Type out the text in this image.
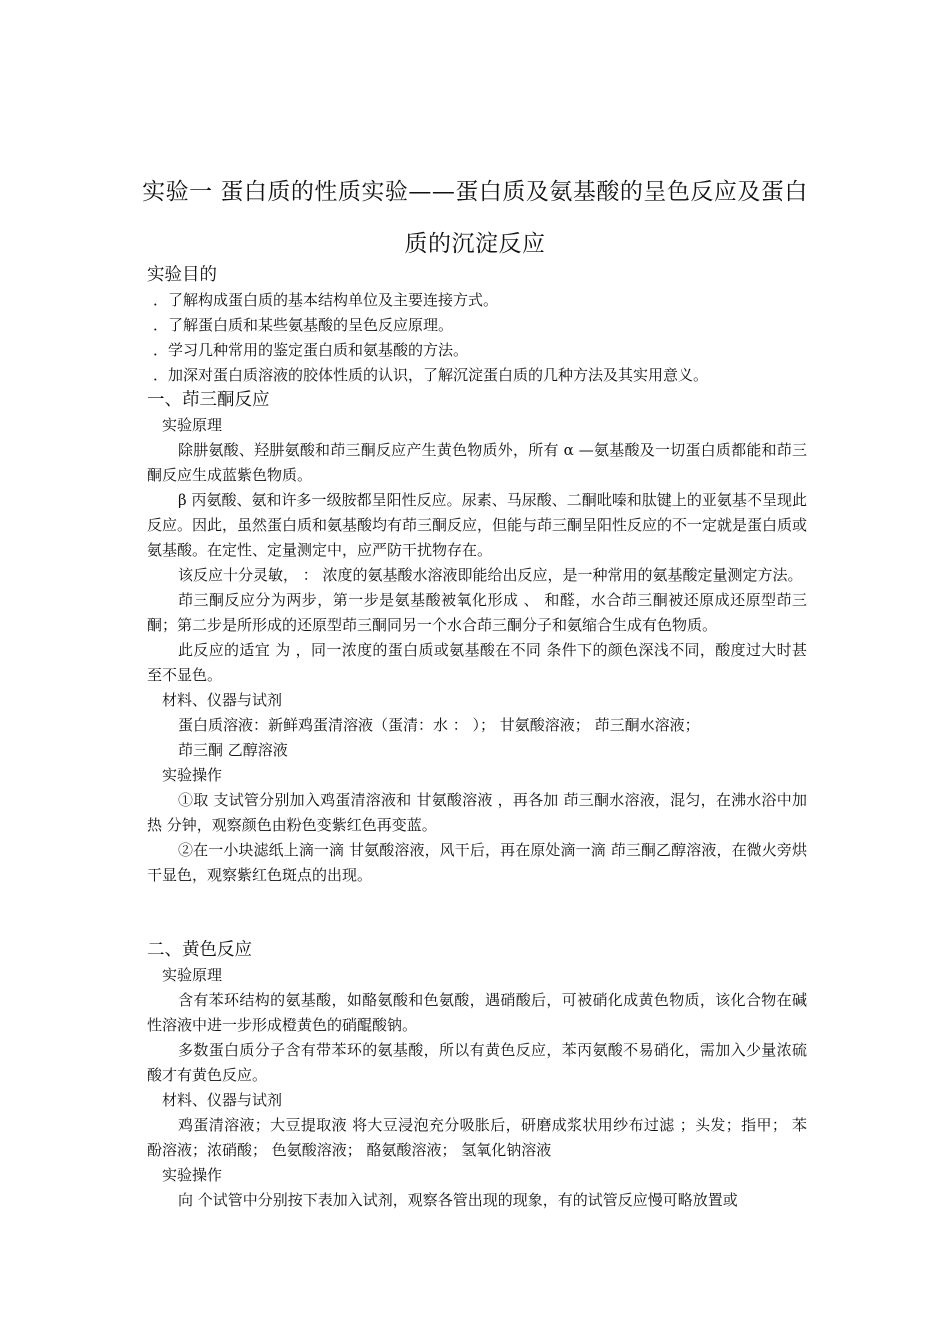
实验一 蛋白质的性质实验——蛋白质及氨基酸的呈色反应及蛋白
质的沉淀反应

实验目的

．了解构成蛋白质的基本结构单位及主要连接方式。

．了解蛋白质和某些氨基酸的呈色反应原理。

．学习几种常用的鉴定蛋白质和氨基酸的方法。

．加深对蛋白质溶液的胶体性质的认识，了解沉淀蛋白质的几种方法及其实用意义。

一、茚三酮反应

实验原理

除肼氨酸、羟肼氨酸和茚三酮反应产生黄色物质外，所有 α —氨基酸及一切蛋白质都能和茚三酮反应生成蓝紫色物质。

β 丙氨酸、氨和许多一级胺都呈阳性反应。尿素、马尿酸、二酮吡嗪和肽键上的亚氨基不呈现此反应。因此，虽然蛋白质和氨基酸均有茚三酮反应，但能与茚三酮呈阳性反应的不一定就是蛋白质或氨基酸。在定性、定量测定中，应严防干扰物存在。

该反应十分灵敏， ： 浓度的氨基酸水溶液即能给出反应，是一种常用的氨基酸定量测定方法。

茚三酮反应分为两步，第一步是氨基酸被氧化形成 、 和醛，水合茚三酮被还原成还原型茚三酮；第二步是所形成的还原型茚三酮同另一个水合茚三酮分子和氨缩合生成有色物质。

此反应的适宜 为 ，同一浓度的蛋白质或氨基酸在不同 条件下的颜色深浅不同，酸度过大时甚至不显色。

材料、仪器与试剂

蛋白质溶液：新鲜鸡蛋清溶液（蛋清：水 ： ）； 甘氨酸溶液； 茚三酮水溶液；

茚三酮 乙醇溶液

实验操作

①取 支试管分别加入鸡蛋清溶液和 甘氨酸溶液 ，再各加 茚三酮水溶液，混匀，在沸水浴中加热 分钟，观察颜色由粉色变紫红色再变蓝。

②在一小块滤纸上滴一滴 甘氨酸溶液，风干后，再在原处滴一滴 茚三酮乙醇溶液，在微火旁烘干显色，观察紫红色斑点的出现。

二、黄色反应

实验原理

含有苯环结构的氨基酸，如酪氨酸和色氨酸，遇硝酸后，可被硝化成黄色物质，该化合物在碱性溶液中进一步形成橙黄色的硝醌酸钠。

多数蛋白质分子含有带苯环的氨基酸，所以有黄色反应，苯丙氨酸不易硝化，需加入少量浓硫酸才有黄色反应。

材料、仪器与试剂

鸡蛋清溶液；大豆提取液 将大豆浸泡充分吸胀后，研磨成浆状用纱布过滤 ；头发；指甲； 苯酚溶液；浓硝酸； 色氨酸溶液； 酪氨酸溶液； 氢氧化钠溶液

实验操作

向 个试管中分别按下表加入试剂，观察各管出现的现象，有的试管反应慢可略放置或
